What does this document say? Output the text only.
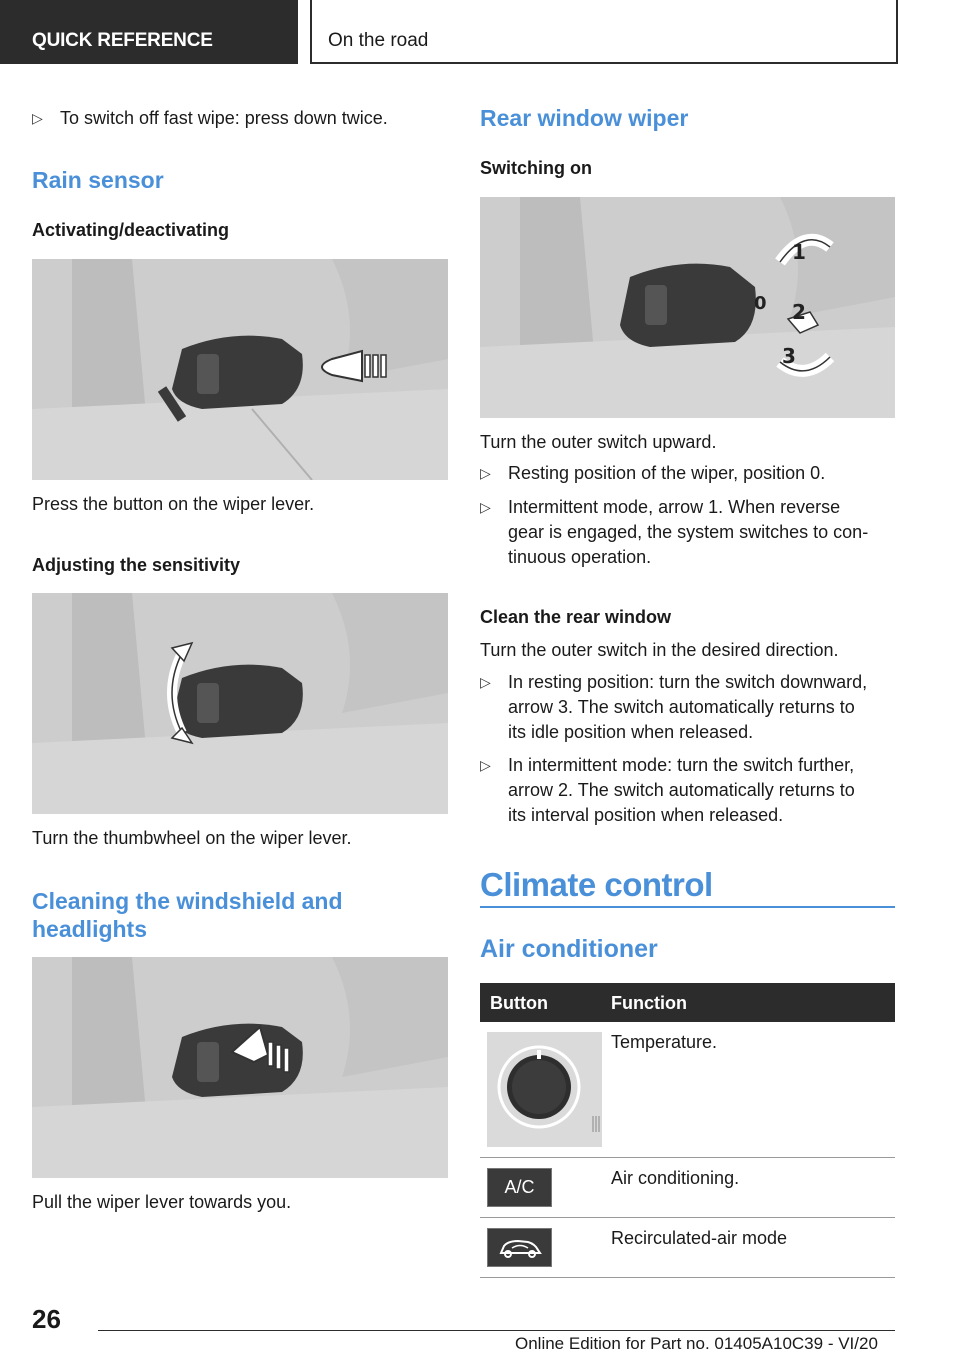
QUICK REFERENCE	On the road
▷ To switch off fast wipe: press down twice.
Rain sensor
Activating/deactivating
Press the button on the wiper lever.
Adjusting the sensitivity
Turn the thumbwheel on the wiper lever.
Cleaning the windshield and
headlights
Pull the wiper lever towards you.
Rear window wiper
Switching on
1
0 2
3
Turn the outer switch upward.
▷ Resting position of the wiper, position 0.
▷ Intermittent mode, arrow 1. When reverse
gear is engaged, the system switches to con-
tinuous operation.
Clean the rear window
Turn the outer switch in the desired direction.
▷ In resting position: turn the switch downward,
arrow 3. The switch automatically returns to
its idle position when released.
▷ In intermittent mode: turn the switch further,
arrow 2. The switch automatically returns to
its interval position when released.
Climate control
Air conditioner
Button	Function
Temperature.
A/C	Air conditioning.
Recirculated-air mode
26
Online Edition for Part no. 01405A10C39 - VI/20
